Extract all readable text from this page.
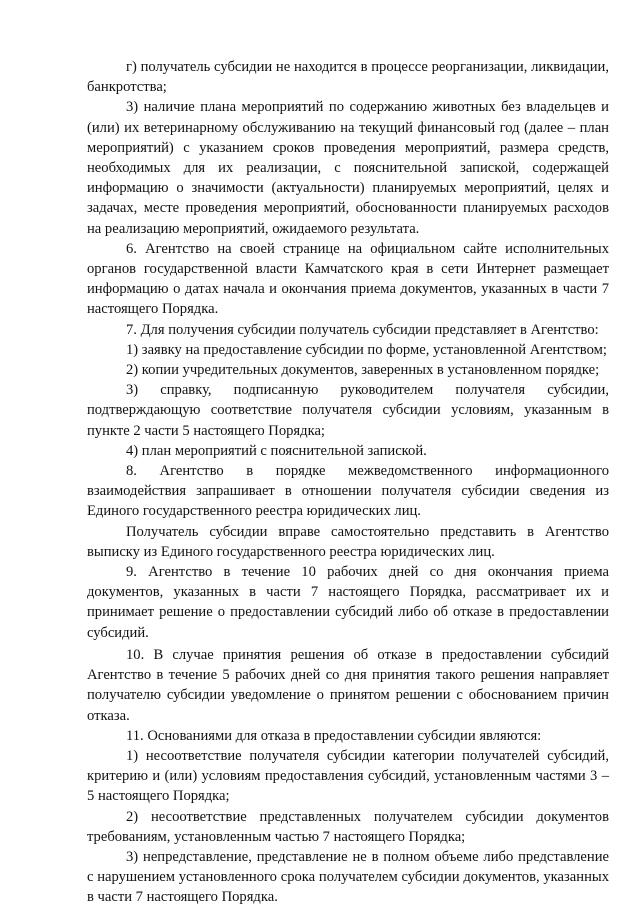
г) получатель субсидии не находится в процессе реорганизации, ликвидации, банкротства;

3) наличие плана мероприятий по содержанию животных без владельцев и (или) их ветеринарному обслуживанию на текущий финансовый год (далее – план мероприятий) с указанием сроков проведения мероприятий, размера средств, необходимых для их реализации, с пояснительной запиской, содержащей информацию о значимости (актуальности) планируемых мероприятий, целях и задачах, месте проведения мероприятий, обоснованности планируемых расходов на реализацию мероприятий, ожидаемого результата.

6. Агентство на своей странице на официальном сайте исполнительных органов государственной власти Камчатского края в сети Интернет размещает информацию о датах начала и окончания приема документов, указанных в части 7 настоящего Порядка.

7. Для получения субсидии получатель субсидии представляет в Агентство:

1) заявку на предоставление субсидии по форме, установленной Агентством;

2) копии учредительных документов, заверенных в установленном порядке;

3) справку, подписанную руководителем получателя субсидии, подтверждающую соответствие получателя субсидии условиям, указанным в пункте 2 части 5 настоящего Порядка;

4) план мероприятий с пояснительной запиской.

8. Агентство в порядке межведомственного информационного взаимодействия запрашивает в отношении получателя субсидии сведения из Единого государственного реестра юридических лиц.

Получатель субсидии вправе самостоятельно представить в Агентство выписку из Единого государственного реестра юридических лиц.

9. Агентство в течение 10 рабочих дней со дня окончания приема документов, указанных в части 7 настоящего Порядка, рассматривает их и принимает решение о предоставлении субсидий либо об отказе в предоставлении субсидий.

10. В случае принятия решения об отказе в предоставлении субсидий Агентство в течение 5 рабочих дней со дня принятия такого решения направляет получателю субсидии уведомление о принятом решении с обоснованием причин отказа.

11. Основаниями для отказа в предоставлении субсидии являются:

1) несоответствие получателя субсидии категории получателей субсидий, критерию и (или) условиям предоставления субсидий, установленным частями 3 – 5 настоящего Порядка;

2) несоответствие представленных получателем субсидии документов требованиям, установленным частью 7 настоящего Порядка;

3) непредставление, представление не в полном объеме либо представление с нарушением установленного срока получателем субсидии документов, указанных в части 7 настоящего Порядка.
